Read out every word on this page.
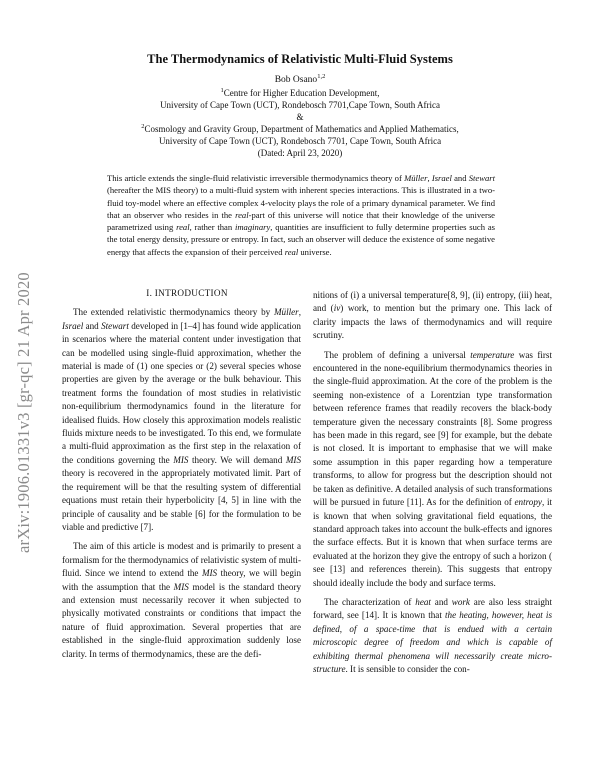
arXiv:1906.01331v3 [gr-qc] 21 Apr 2020
The Thermodynamics of Relativistic Multi-Fluid Systems
Bob Osano$^{1,2}$
$^1$Centre for Higher Education Development,
University of Cape Town (UCT), Rondebosch 7701,Cape Town, South Africa
&
$^2$Cosmology and Gravity Group, Department of Mathematics and Applied Mathematics,
University of Cape Town (UCT), Rondebosch 7701, Cape Town, South Africa
(Dated: April 23, 2020)
This article extends the single-fluid relativistic irreversible thermodynamics theory of Müller, Israel and Stewart (hereafter the MIS theory) to a multi-fluid system with inherent species interactions. This is illustrated in a two-fluid toy-model where an effective complex 4-velocity plays the role of a primary dynamical parameter. We find that an observer who resides in the real-part of this universe will notice that their knowledge of the universe parametrized using real, rather than imaginary, quantities are insufficient to fully determine properties such as the total energy density, pressure or entropy. In fact, such an observer will deduce the existence of some negative energy that affects the expansion of their perceived real universe.

I. INTRODUCTION

The extended relativistic thermodynamics theory by Müller, Israel and Stewart developed in [1–4] has found wide application in scenarios where the material content under investigation that can be modelled using single-fluid approximation, whether the material is made of (1) one species or (2) several species whose properties are given by the average or the bulk behaviour. This treatment forms the foundation of most studies in relativistic non-equilibrium thermodynamics found in the literature for idealised fluids. How closely this approximation models realistic fluids mixture needs to be investigated. To this end, we formulate a multi-fluid approximation as the first step in the relaxation of the conditions governing the MIS theory. We will demand MIS theory is recovered in the appropriately motivated limit. Part of the requirement will be that the resulting system of differential equations must retain their hyperbolicity [4, 5] in line with the principle of causality and be stable [6] for the formulation to be viable and predictive [7].

The aim of this article is modest and is primarily to present a formalism for the thermodynamics of relativistic system of multi-fluid. Since we intend to extend the MIS theory, we will begin with the assumption that the MIS model is the standard theory and extension must necessarily recover it when subjected to physically motivated constraints or conditions that impact the nature of fluid approximation. Several properties that are established in the single-fluid approximation suddenly lose clarity. In terms of thermodynamics, these are the defi-

nitions of (i) a universal temperature[8, 9], (ii) entropy, (iii) heat, and (iv) work, to mention but the primary one. This lack of clarity impacts the laws of thermodynamics and will require scrutiny.

The problem of defining a universal temperature was first encountered in the none-equilibrium thermodynamics theories in the single-fluid approximation. At the core of the problem is the seeming non-existence of a Lorentzian type transformation between reference frames that readily recovers the black-body temperature given the necessary constraints [8]. Some progress has been made in this regard, see [9] for example, but the debate is not closed. It is important to emphasise that we will make some assumption in this paper regarding how a temperature transforms, to allow for progress but the description should not be taken as definitive. A detailed analysis of such transformations will be pursued in future [11]. As for the definition of entropy, it is known that when solving gravitational field equations, the standard approach takes into account the bulk-effects and ignores the surface effects. But it is known that when surface terms are evaluated at the horizon they give the entropy of such a horizon ( see [13] and references therein). This suggests that entropy should ideally include the body and surface terms.

The characterization of heat and work are also less straight forward, see [14]. It is known that the heating, however, heat is defined, of a space-time that is endued with a certain microscopic degree of freedom and which is capable of exhibiting thermal phenomena will necessarily create micro-structure. It is sensible to consider the con-
